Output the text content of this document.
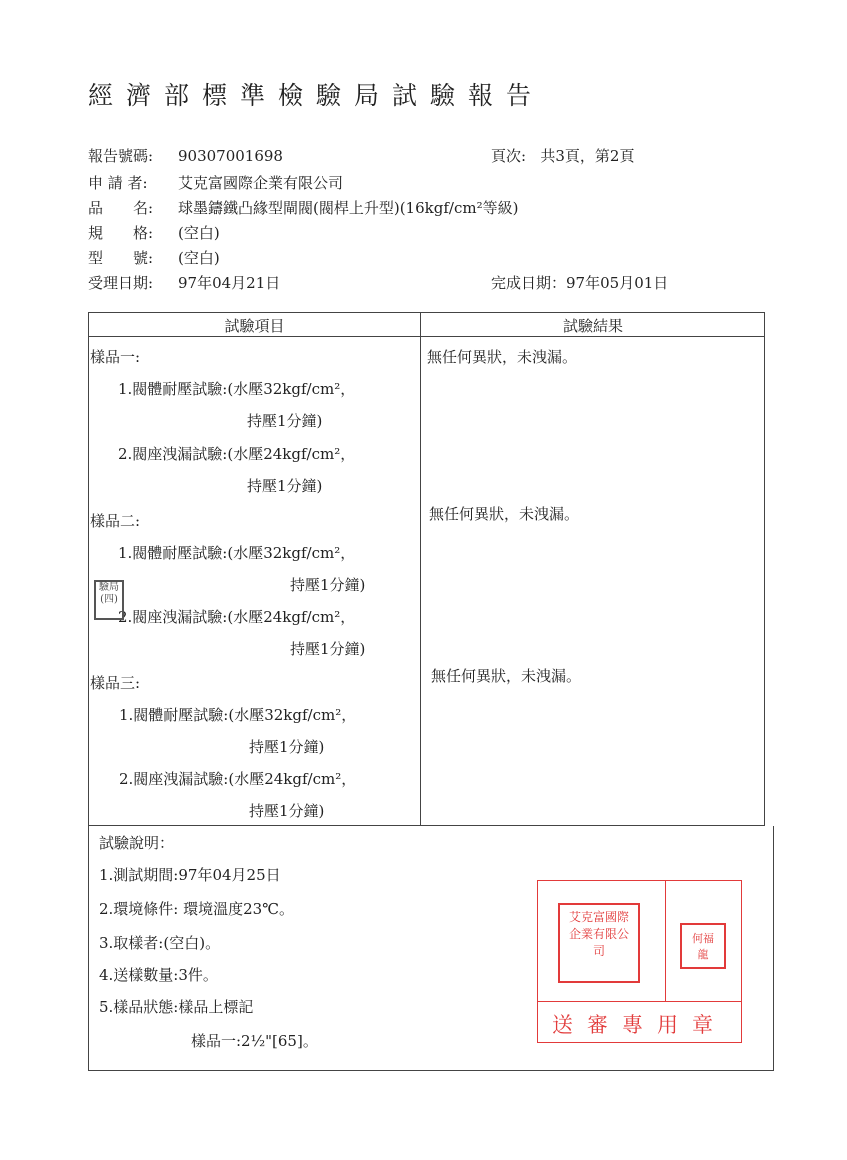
經濟部標準檢驗局試驗報告
報告號碼: 90307001698	頁次: 共3頁，第2頁
申 請 者: 艾克富國際企業有限公司
品　　名: 球墨鑄鐵凸緣型閘閥(閥桿上升型)(16kgf/cm²等級)
規　　格: (空白)
型　　號: (空白)
受理日期: 97年04月21日	完成日期：97年05月01日
試驗項目	試驗結果
樣品一:
1.閥體耐壓試驗:(水壓32kgf/cm²，
持壓1分鐘)
2.閥座洩漏試驗:(水壓24kgf/cm²，
持壓1分鐘)
無任何異狀，未洩漏。
樣品二:
1.閥體耐壓試驗:(水壓32kgf/cm²，
持壓1分鐘)
2.閥座洩漏試驗:(水壓24kgf/cm²，
持壓1分鐘)
無任何異狀，未洩漏。
樣品三:
1.閥體耐壓試驗:(水壓32kgf/cm²，
持壓1分鐘)
2.閥座洩漏試驗:(水壓24kgf/cm²，
持壓1分鐘)
無任何異狀，未洩漏。
驗局(四)
試驗說明：
1.測試期間:97年04月25日
2.環境條件: 環境溫度23℃。
3.取樣者:(空白)。
4.送樣數量:3件。
5.樣品狀態:樣品上標記
樣品一:2½"[65]。
艾克富國際企業有限公司
何福龍
送審專用章
